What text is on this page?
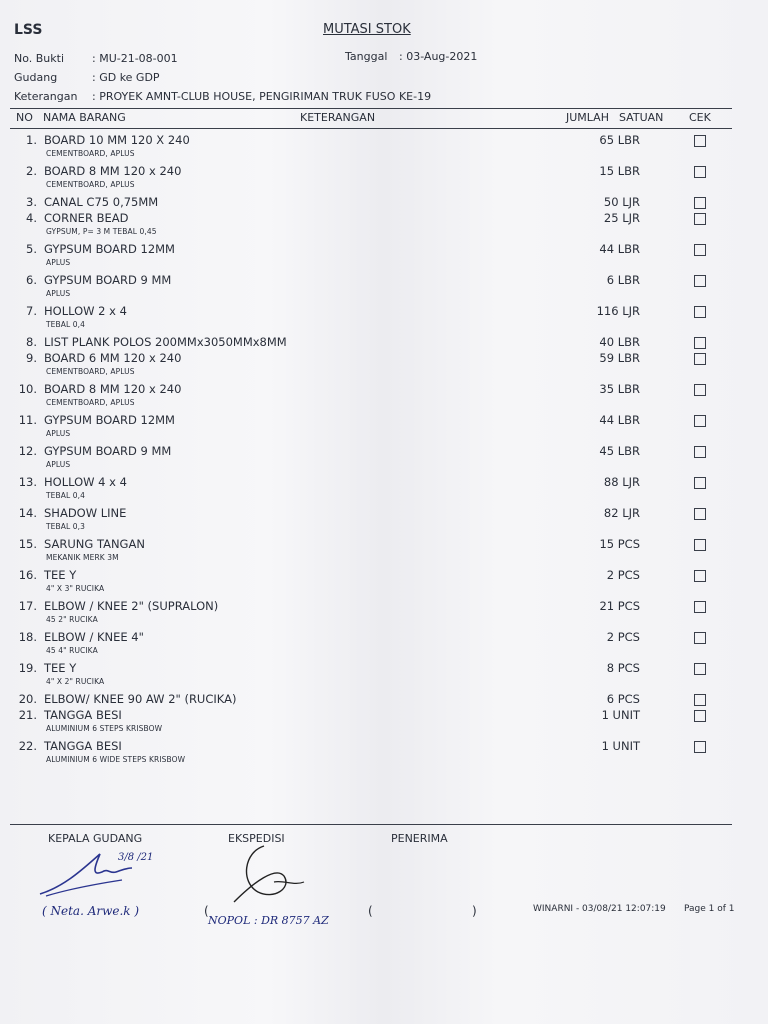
LSS	MUTASI STOK
No. Bukti	: MU-21-08-001	Tanggal : 03-Aug-2021
Gudang	: GD ke GDP
Keterangan : PROYEK AMNT-CLUB HOUSE, PENGIRIMAN TRUK FUSO KE-19
NO NAMA BARANG	KETERANGAN	JUMLAH SATUAN CEK
1. BOARD 10 MM 120 X 240
CEMENTBOARD, APLUS
65 LBR
2. BOARD 8 MM 120 x 240
CEMENTBOARD, APLUS
15 LBR
3. CANAL C75 0,75MM	50 LJR
4. CORNER BEAD
GYPSUM, P= 3 M TEBAL 0,45
25 LJR
5. GYPSUM BOARD 12MM
APLUS
44 LBR
6. GYPSUM BOARD 9 MM
APLUS
6 LBR
7. HOLLOW 2 x 4
TEBAL 0,4
116 LJR
8. LIST PLANK POLOS 200MMx3050MMx8MM	40 LBR
9. BOARD 6 MM 120 x 240
CEMENTBOARD, APLUS
59 LBR
10. BOARD 8 MM 120 x 240
CEMENTBOARD, APLUS
35 LBR
11. GYPSUM BOARD 12MM
APLUS
44 LBR
12. GYPSUM BOARD 9 MM
APLUS
45 LBR
13. HOLLOW 4 x 4
TEBAL 0,4
88 LJR
14. SHADOW LINE
TEBAL 0,3
82 LJR
15. SARUNG TANGAN
MEKANIK MERK 3M
15 PCS
16. TEE Y
4" X 3" RUCIKA
2 PCS
17. ELBOW / KNEE 2" (SUPRALON)
45 2" RUCIKA
21 PCS
18. ELBOW / KNEE 4"
45 4" RUCIKA
2 PCS
19. TEE Y
4" X 2" RUCIKA
8 PCS
20. ELBOW/ KNEE 90 AW 2" (RUCIKA)	6 PCS
21. TANGGA BESI
ALUMINIUM 6 STEPS KRISBOW
1 UNIT
22. TANGGA BESI
ALUMINIUM 6 WIDE STEPS KRISBOW
1 UNIT
KEPALA GUDANG	EKSPEDISI	PENERIMA
3/8 /21
( Neta. Arwe.k )	(
NOPOL : DR 8757 AZ
(	)	WINARNI - 03/08/21 12:07:19 Page 1 of 1
